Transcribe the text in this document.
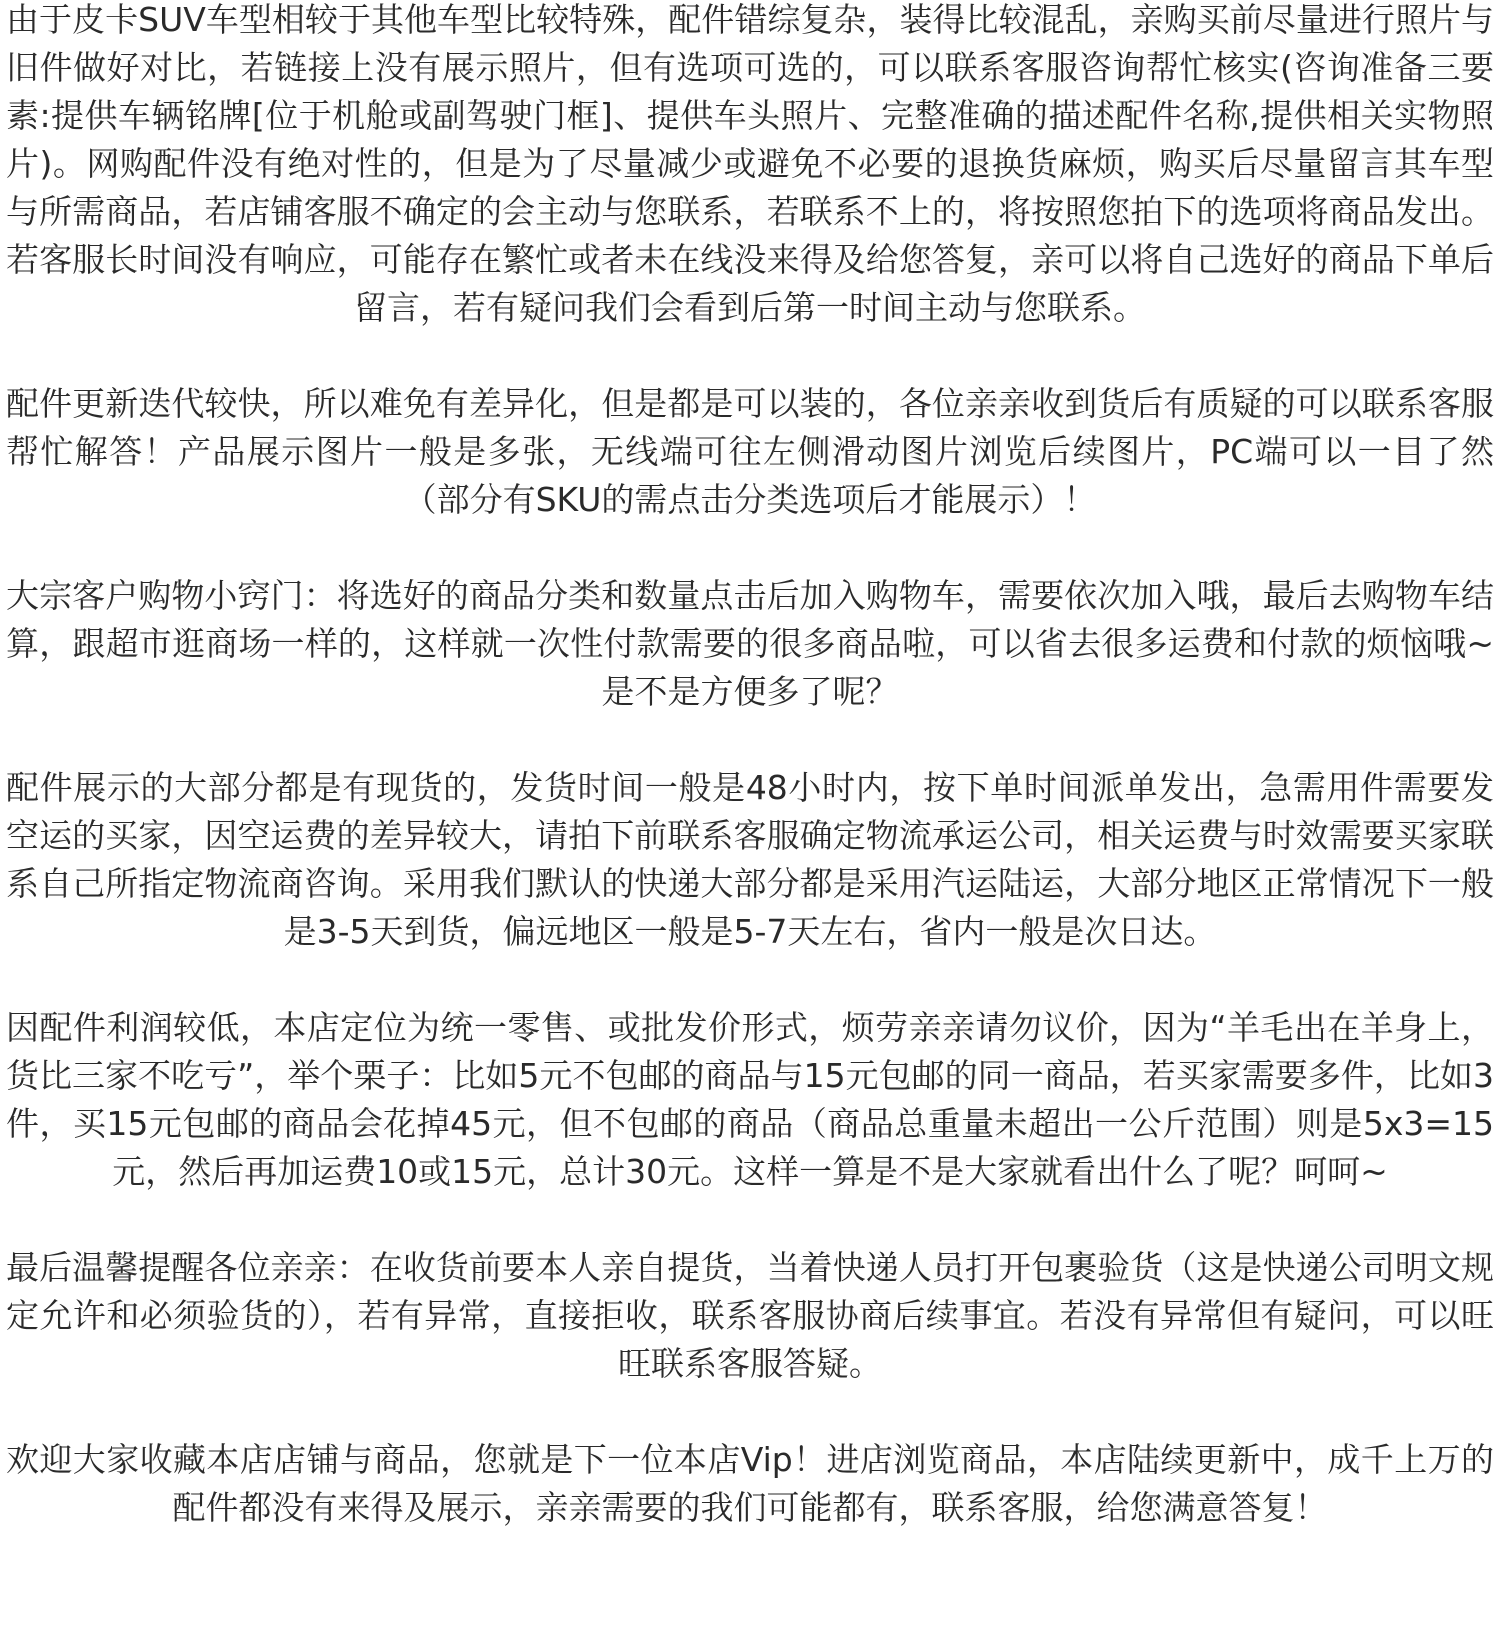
由于皮卡SUV车型相较于其他车型比较特殊，配件错综复杂，装得比较混乱，亲购买前尽量进行照片与旧件做好对比，若链接上没有展示照片，但有选项可选的，可以联系客服咨询帮忙核实(咨询准备三要素:提供车辆铭牌[位于机舱或副驾驶门框]、提供车头照片、完整准确的描述配件名称,提供相关实物照片)。网购配件没有绝对性的，但是为了尽量减少或避免不必要的退换货麻烦，购买后尽量留言其车型与所需商品，若店铺客服不确定的会主动与您联系，若联系不上的，将按照您拍下的选项将商品发出。若客服长时间没有响应，可能存在繁忙或者未在线没来得及给您答复，亲可以将自己选好的商品下单后留言，若有疑问我们会看到后第一时间主动与您联系。

配件更新迭代较快，所以难免有差异化，但是都是可以装的，各位亲亲收到货后有质疑的可以联系客服帮忙解答！产品展示图片一般是多张，无线端可往左侧滑动图片浏览后续图片，PC端可以一目了然（部分有SKU的需点击分类选项后才能展示）！

大宗客户购物小窍门：将选好的商品分类和数量点击后加入购物车，需要依次加入哦，最后去购物车结算，跟超市逛商场一样的，这样就一次性付款需要的很多商品啦，可以省去很多运费和付款的烦恼哦~是不是方便多了呢？

配件展示的大部分都是有现货的，发货时间一般是48小时内，按下单时间派单发出，急需用件需要发空运的买家，因空运费的差异较大，请拍下前联系客服确定物流承运公司，相关运费与时效需要买家联系自己所指定物流商咨询。采用我们默认的快递大部分都是采用汽运陆运，大部分地区正常情况下一般是3-5天到货，偏远地区一般是5-7天左右，省内一般是次日达。

因配件利润较低，本店定位为统一零售、或批发价形式，烦劳亲亲请勿议价，因为“羊毛出在羊身上，货比三家不吃亏”，举个栗子：比如5元不包邮的商品与15元包邮的同一商品，若买家需要多件，比如3件，买15元包邮的商品会花掉45元，但不包邮的商品（商品总重量未超出一公斤范围）则是5x3=15元，然后再加运费10或15元，总计30元。这样一算是不是大家就看出什么了呢？呵呵~

最后温馨提醒各位亲亲：在收货前要本人亲自提货，当着快递人员打开包裹验货（这是快递公司明文规定允许和必须验货的），若有异常，直接拒收，联系客服协商后续事宜。若没有异常但有疑问，可以旺旺联系客服答疑。

欢迎大家收藏本店店铺与商品，您就是下一位本店Vip！进店浏览商品，本店陆续更新中，成千上万的配件都没有来得及展示，亲亲需要的我们可能都有，联系客服，给您满意答复！
